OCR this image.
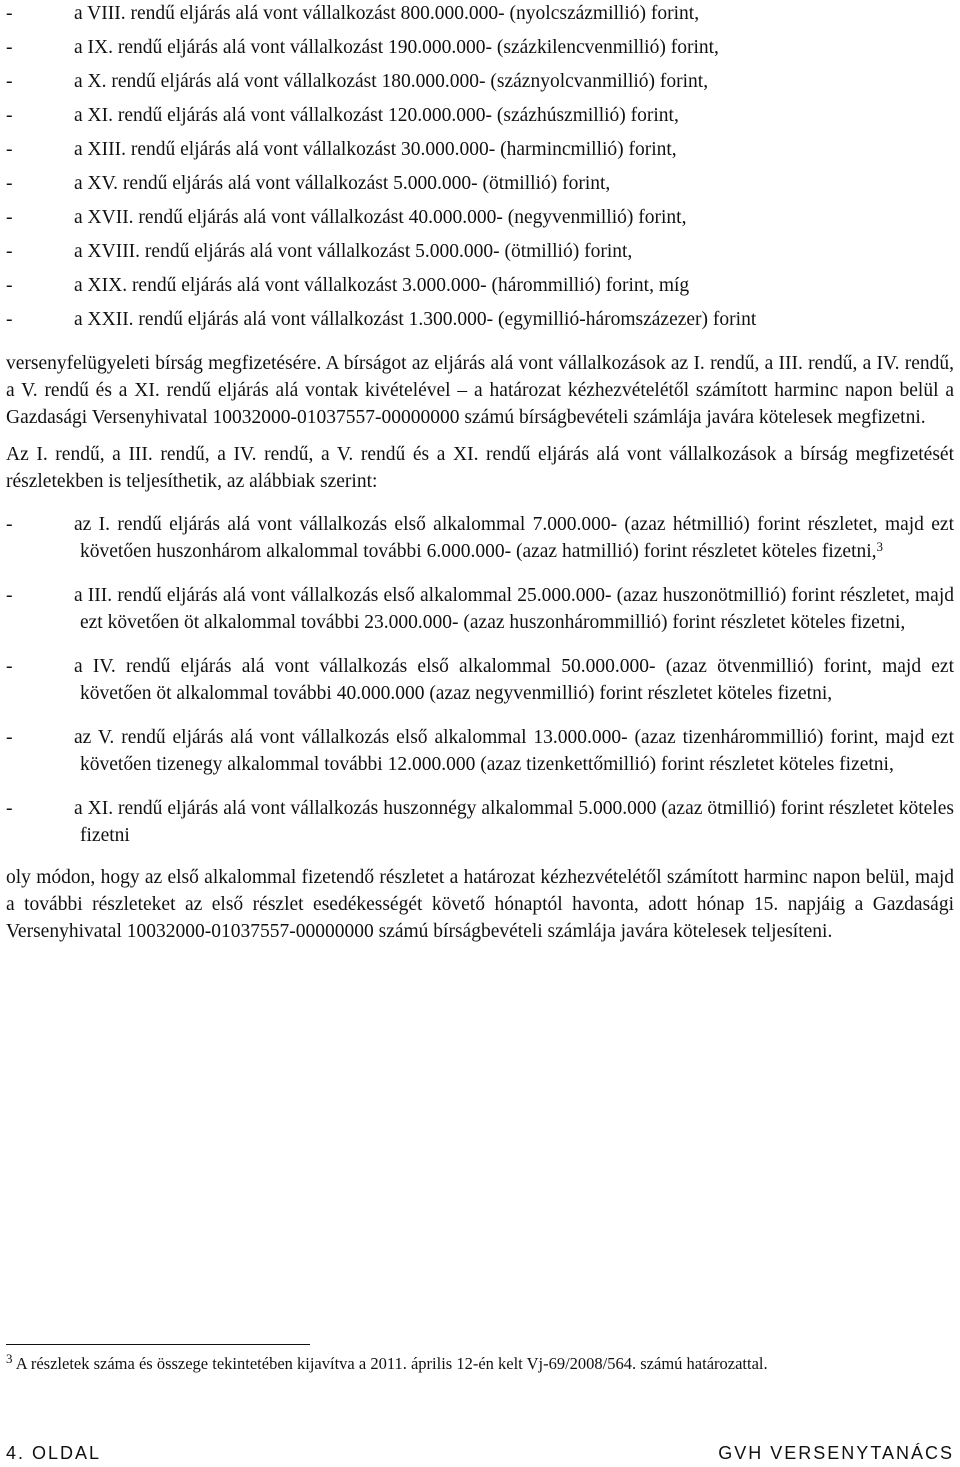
-	a VIII. rendű eljárás alá vont vállalkozást 800.000.000- (nyolcszázmillió) forint,

-	a IX. rendű eljárás alá vont vállalkozást 190.000.000- (százkilencvenmillió) forint,

-	a X. rendű eljárás alá vont vállalkozást 180.000.000- (száznyolcvanmillió) forint,

-	a XI. rendű eljárás alá vont vállalkozást 120.000.000- (százhúszmillió) forint,

-	a XIII. rendű eljárás alá vont vállalkozást 30.000.000- (harmincmillió) forint,

-	a XV. rendű eljárás alá vont vállalkozást 5.000.000- (ötmillió) forint,

-	a XVII. rendű eljárás alá vont vállalkozást 40.000.000- (negyvenmillió) forint,

-	a XVIII. rendű eljárás alá vont vállalkozást 5.000.000- (ötmillió) forint,

-	a XIX. rendű eljárás alá vont vállalkozást 3.000.000- (hárommillió) forint, míg

-	a XXII. rendű eljárás alá vont vállalkozást 1.300.000- (egymillió-háromszázezer) forint

versenyfelügyeleti bírság megfizetésére. A bírságot az eljárás alá vont vállalkozások az I. rendű, a III. rendű, a IV. rendű, a V. rendű és a XI. rendű eljárás alá vontak kivételével – a határozat kézhezvételétől számított harminc napon belül a Gazdasági Versenyhivatal 10032000-01037557-00000000 számú bírságbevételi számlája javára kötelesek megfizetni.

Az I. rendű, a III. rendű, a IV. rendű, a V. rendű és a XI. rendű eljárás alá vont vállalkozások a bírság megfizetését részletekben is teljesíthetik, az alábbiak szerint:

-	az I. rendű eljárás alá vont vállalkozás első alkalommal 7.000.000- (azaz hétmillió) forint részletet, majd ezt követően huszonhárom alkalommal további 6.000.000- (azaz hatmillió) forint részletet köteles fizetni,$^3$

-	a III. rendű eljárás alá vont vállalkozás első alkalommal 25.000.000- (azaz huszonötmillió) forint részletet, majd ezt követően öt alkalommal további 23.000.000- (azaz huszonhárommillió) forint részletet köteles fizetni,

-	a IV. rendű eljárás alá vont vállalkozás első alkalommal 50.000.000- (azaz ötvenmillió) forint, majd ezt követően öt alkalommal további 40.000.000 (azaz negyvenmillió) forint részletet köteles fizetni,

-	az V. rendű eljárás alá vont vállalkozás első alkalommal 13.000.000- (azaz tizenhárommillió) forint, majd ezt követően tizenegy alkalommal további 12.000.000 (azaz tizenkettőmillió) forint részletet köteles fizetni,

-	a XI. rendű eljárás alá vont vállalkozás huszonnégy alkalommal 5.000.000 (azaz ötmillió) forint részletet köteles fizetni

oly módon, hogy az első alkalommal fizetendő részletet a határozat kézhezvételétől számított harminc napon belül, majd a további részleteket az első részlet esedékességét követő hónaptól havonta, adott hónap 15. napjáig a Gazdasági Versenyhivatal 10032000-01037557-00000000 számú bírságbevételi számlája javára kötelesek teljesíteni.

$^3$ A részletek száma és összege tekintetében kijavítva a 2011. április 12-én kelt Vj-69/2008/564. számú határozattal.

4. OLDAL	GVH VERSENYTANÁCS
